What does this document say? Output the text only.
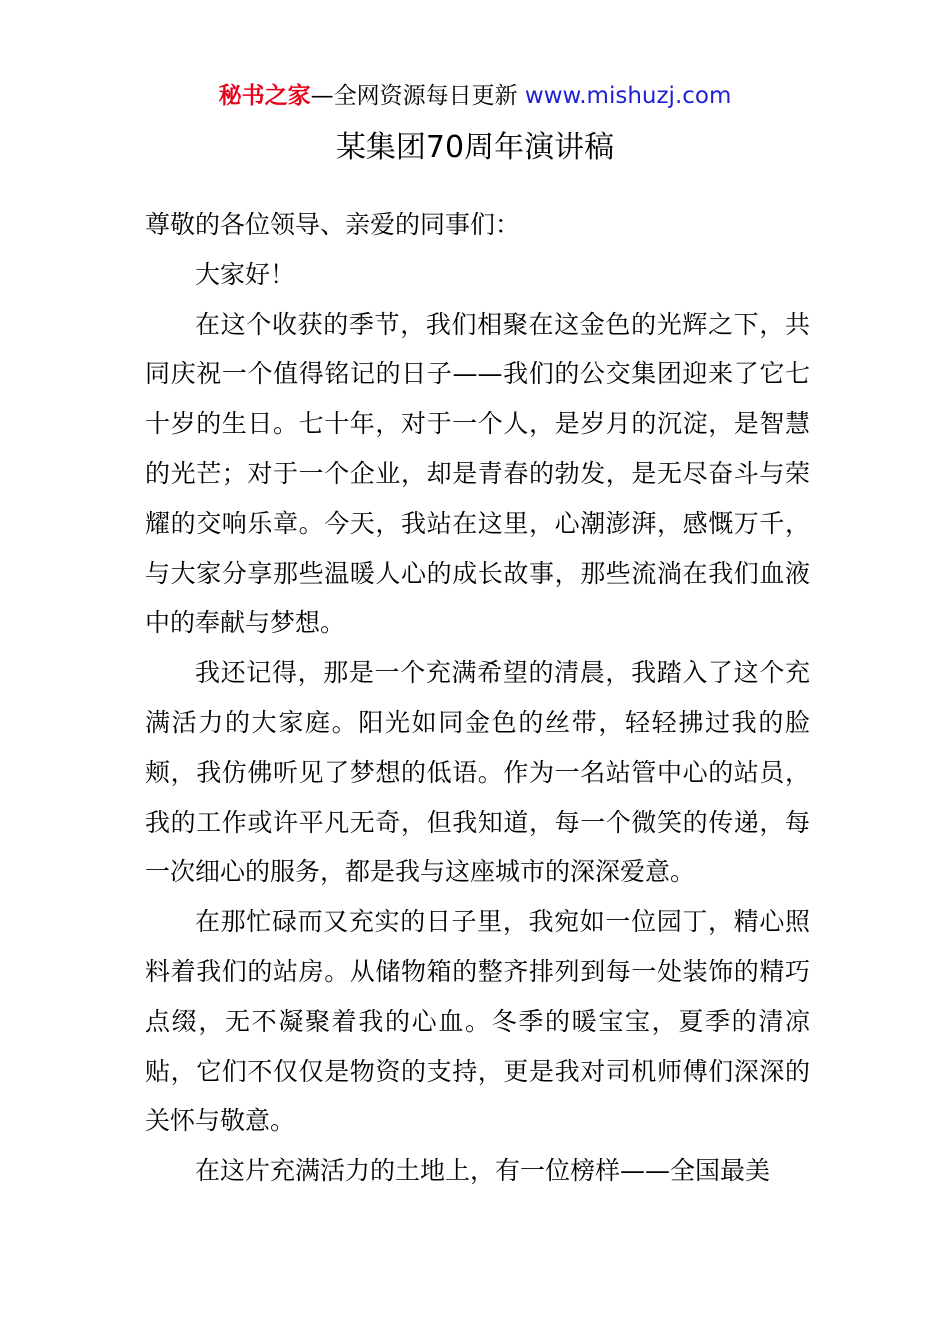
秘书之家—全网资源每日更新 www.mishuzj.com
某集团70周年演讲稿

尊敬的各位领导、亲爱的同事们：

大家好！

在这个收获的季节，我们相聚在这金色的光辉之下，共同庆祝一个值得铭记的日子——我们的公交集团迎来了它七十岁的生日。七十年，对于一个人，是岁月的沉淀，是智慧的光芒；对于一个企业，却是青春的勃发，是无尽奋斗与荣耀的交响乐章。今天，我站在这里，心潮澎湃，感慨万千，与大家分享那些温暖人心的成长故事，那些流淌在我们血液中的奉献与梦想。

我还记得，那是一个充满希望的清晨，我踏入了这个充满活力的大家庭。阳光如同金色的丝带，轻轻拂过我的脸颊，我仿佛听见了梦想的低语。作为一名站管中心的站员，我的工作或许平凡无奇，但我知道，每一个微笑的传递，每一次细心的服务，都是我与这座城市的深深爱意。

在那忙碌而又充实的日子里，我宛如一位园丁，精心照料着我们的站房。从储物箱的整齐排列到每一处装饰的精巧点缀，无不凝聚着我的心血。冬季的暖宝宝，夏季的清凉贴，它们不仅仅是物资的支持，更是我对司机师傅们深深的关怀与敬意。

在这片充满活力的土地上，有一位榜样——全国最美
